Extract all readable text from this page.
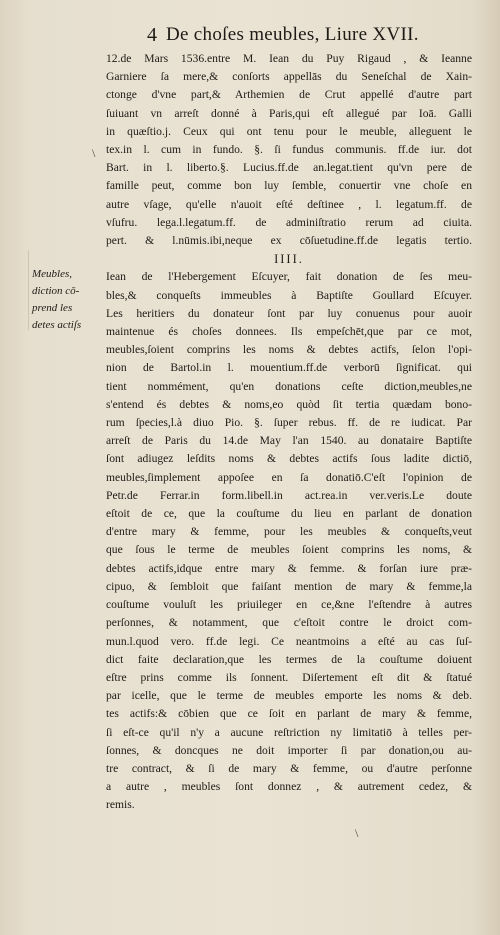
4 De choſes meubles, Liure XVII.
Meubles,
diction cō-
prend les
detes actiſs
\
\
12.de Mars 1536.entre M. Iean du Puy Rigaud , & Ieanne
Garniere ſa mere,& conſorts appellās du Seneſchal de Xain-
ctonge d'vne part,& Arthemien de Crut appellé d'autre part
ſuiuant vn arreſt donné à Paris,qui eſt allegué par Ioā. Galli
in quæſtio.j. Ceux qui ont tenu pour le meuble, alleguent le
tex.in l. cum in fundo. §. ſi fundus communis. ff.de iur. dot
Bart. in l. liberto.§. Lucius.ff.de an.legat.tient qu'vn pere de
famille peut, comme bon luy ſemble, conuertir vne choſe en
autre vſage, qu'elle n'auoit eſté deſtinee , l. legatum.ff. de
vſufru. lega.l.legatum.ff. de adminiſtratio rerum ad ciuita.
pert. & l.nūmis.ibi,neque ex cōſuetudine.ff.de legatis tertio.
IIII.
Iean de l'Hebergement Eſcuyer, fait donation de ſes meu-
bles,& conqueſts immeubles à Baptiſte Goullard Eſcuyer.
Les heritiers du donateur ſont par luy conuenus pour auoir
maintenue és choſes donnees. Ils empeſchēt,que par ce mot,
meubles,ſoient comprins les noms & debtes actifs, ſelon l'opi-
nion de Bartol.in l. mouentium.ff.de verborū ſignificat. qui
tient nommément, qu'en donations ceſte diction,meubles,ne
s'entend és debtes & noms,eo quòd ſit tertia quædam bono-
rum ſpecies,l.à diuo Pio. §. ſuper rebus. ff. de re iudicat. Par
arreſt de Paris du 14.de May l'an 1540. au donataire Baptiſte
ſont adiugez leſdits noms & debtes actifs ſous ladite dictiō,
meubles,ſimplement appoſee en ſa donatiō.C'eſt l'opinion de
Petr.de Ferrar.in form.libell.in act.rea.in ver.veris.Le doute
eſtoit de ce, que la couſtume du lieu en parlant de donation
d'entre mary & femme, pour les meubles & conqueſts,veut
que ſous le terme de meubles ſoient comprins les noms, &
debtes actifs,idque entre mary & femme. & forſan iure præ-
cipuo, & ſembloit que faiſant mention de mary & femme,la
couſtume vouluſt les priuileger en ce,&ne l'eſtendre à autres
perſonnes, & notamment, que c'eſtoit contre le droict com-
mun.l.quod vero. ff.de legi. Ce neantmoins a eſté au cas ſuſ-
dict faite declaration,que les termes de la couſtume doiuent
eſtre prins comme ils ſonnent. Diſertement eſt dit & ſtatué
par icelle, que le terme de meubles emporte les noms & deb.
tes actifs:& cōbien que ce ſoit en parlant de mary & femme,
ſi eſt-ce qu'il n'y a aucune reſtriction ny limitatiō à telles per-
ſonnes, & doncques ne doit importer ſi par donation,ou au-
tre contract, & ſi de mary & femme, ou d'autre perſonne
a autre , meubles ſont donnez , & autrement cedez, &
remis.
